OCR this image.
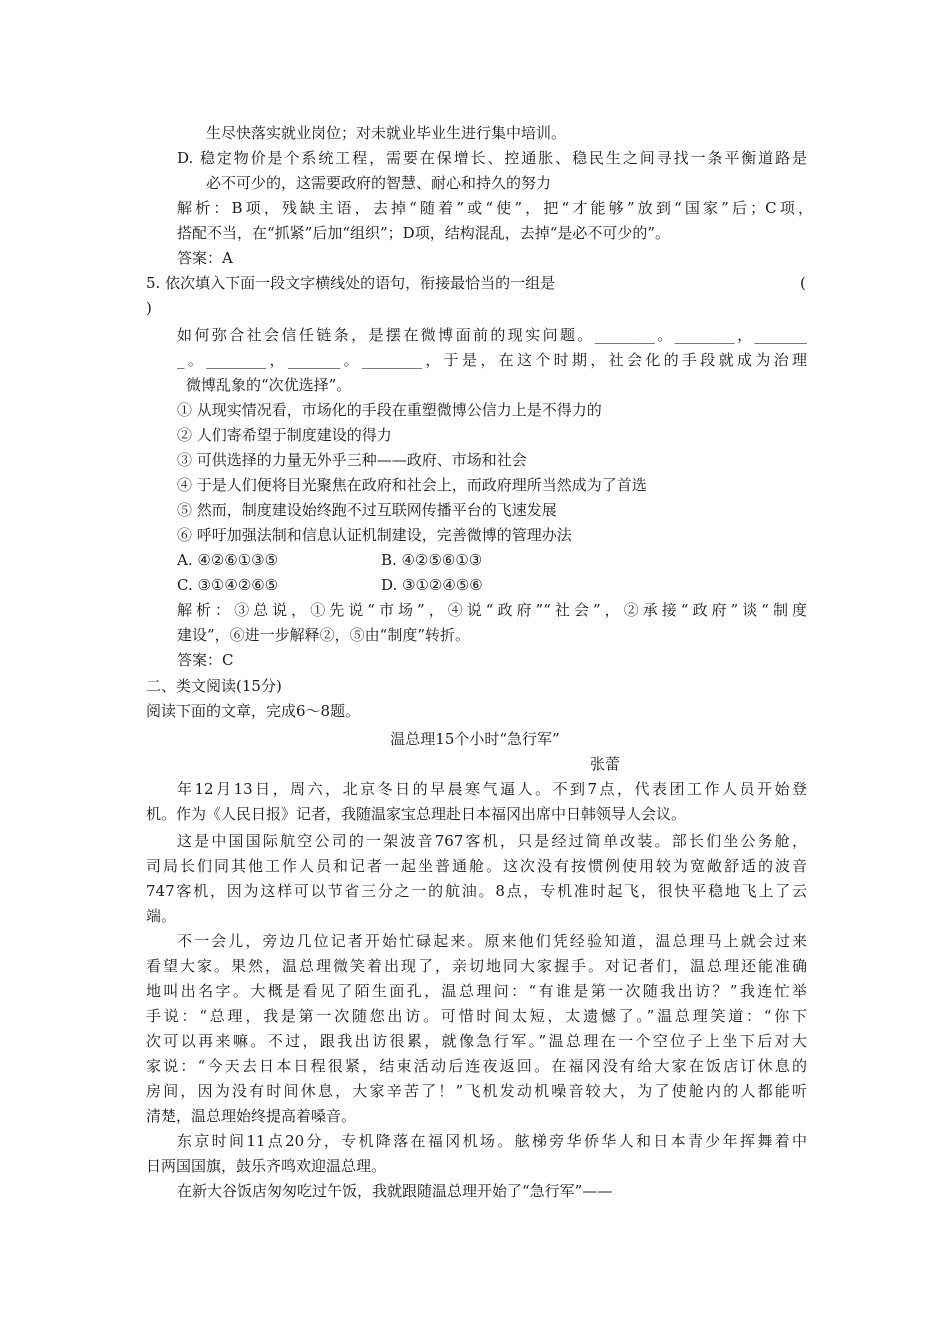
生尽快落实就业岗位；对未就业毕业生进行集中培训。
D. 稳定物价是个系统工程，需要在保增长、控通胀、稳民生之间寻找一条平衡道路是
必不可少的，这需要政府的智慧、耐心和持久的努力
解析：B项，残缺主语，去掉“随着”或“使”，把“才能够”放到“国家”后；C项，
搭配不当，在“抓紧”后加“组织”；D项，结构混乱，去掉“是必不可少的”。
答案：A
5. 依次填入下面一段文字横线处的语句，衔接最恰当的一组是	(
)
如何弥合社会信任链条，是摆在微博面前的现实问题。________。________，_______
_。________，_______。________，于是，在这个时期，社会化的手段就成为治理
微博乱象的“次优选择”。
① 从现实情况看，市场化的手段在重塑微博公信力上是不得力的
② 人们寄希望于制度建设的得力
③ 可供选择的力量无外乎三种——政府、市场和社会
④ 于是人们便将目光聚焦在政府和社会上，而政府理所当然成为了首选
⑤ 然而，制度建设始终跑不过互联网传播平台的飞速发展
⑥ 呼吁加强法制和信息认证机制建设，完善微博的管理办法
A. ④②⑥①③⑤	B. ④②⑤⑥①③
C. ③①④②⑥⑤	D. ③①②④⑤⑥
解析：③总说，①先说“市场”，④说“政府”“社会”，②承接“政府”谈“制度
建设”，⑥进一步解释②，⑤由“制度”转折。
答案：C
二、类文阅读(15分)
阅读下面的文章，完成6～8题。
温总理15个小时“急行军”
张蕾
年12月13日，周六，北京冬日的早晨寒气逼人。不到7点，代表团工作人员开始登
机。作为《人民日报》记者，我随温家宝总理赴日本福冈出席中日韩领导人会议。
这是中国国际航空公司的一架波音767客机，只是经过简单改装。部长们坐公务舱，
司局长们同其他工作人员和记者一起坐普通舱。这次没有按惯例使用较为宽敞舒适的波音
747客机，因为这样可以节省三分之一的航油。8点，专机准时起飞，很快平稳地飞上了云
端。
不一会儿，旁边几位记者开始忙碌起来。原来他们凭经验知道，温总理马上就会过来
看望大家。果然，温总理微笑着出现了，亲切地同大家握手。对记者们，温总理还能准确
地叫出名字。大概是看见了陌生面孔，温总理问：“有谁是第一次随我出访？”我连忙举
手说：“总理，我是第一次随您出访。可惜时间太短，太遗憾了。”温总理笑道：“你下
次可以再来嘛。不过，跟我出访很累，就像急行军。”温总理在一个空位子上坐下后对大
家说：“今天去日本日程很紧，结束活动后连夜返回。在福冈没有给大家在饭店订休息的
房间，因为没有时间休息，大家辛苦了！”飞机发动机噪音较大，为了使舱内的人都能听
清楚，温总理始终提高着嗓音。
东京时间11点20分，专机降落在福冈机场。舷梯旁华侨华人和日本青少年挥舞着中
日两国国旗，鼓乐齐鸣欢迎温总理。
在新大谷饭店匆匆吃过午饭，我就跟随温总理开始了“急行军”——
